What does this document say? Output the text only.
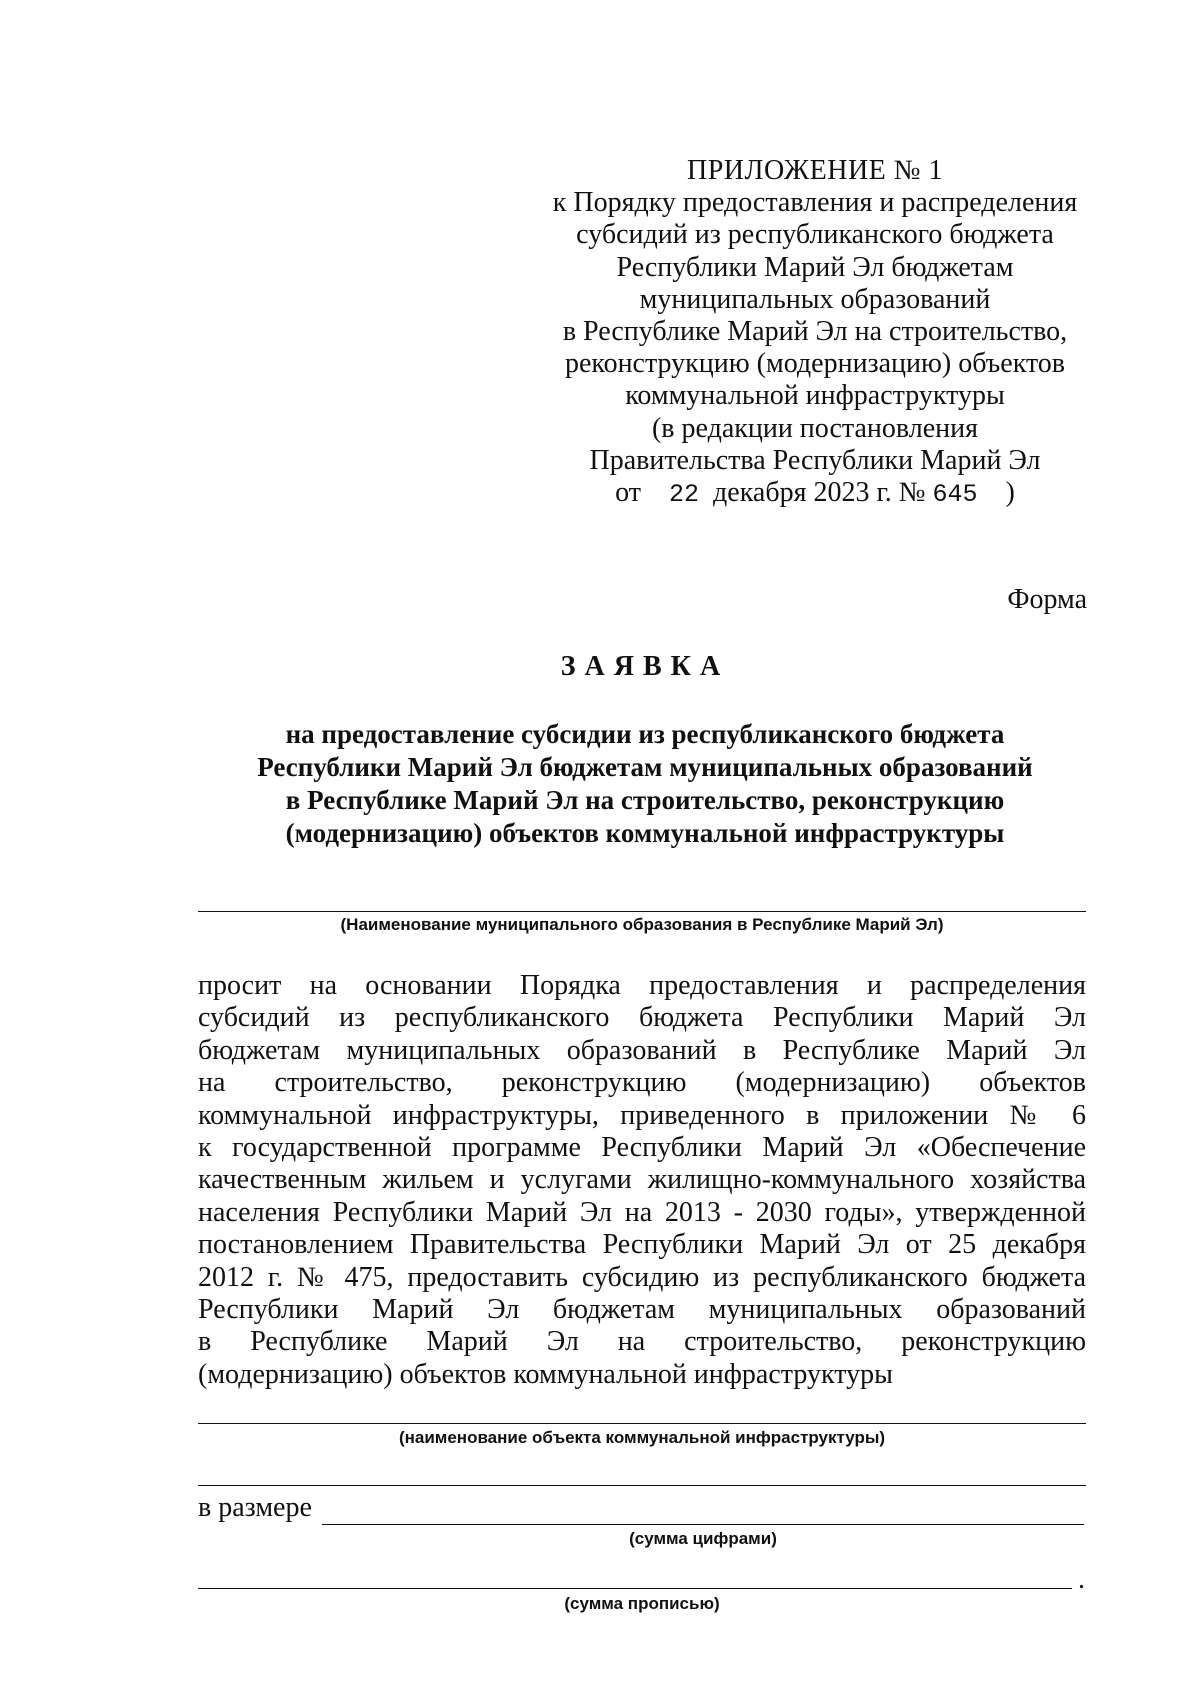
ПРИЛОЖЕНИЕ № 1
к Порядку предоставления и распределения
субсидий из республиканского бюджета
Республики Марий Эл бюджетам
муниципальных образований
в Республике Марий Эл на строительство,
реконструкцию (модернизацию) объектов
коммунальной инфраструктуры
(в редакции постановления
Правительства Республики Марий Эл
от 22 декабря 2023 г. № 645 )
Форма
ЗАЯВКА
на предоставление субсидии из республиканского бюджета
Республики Марий Эл бюджетам муниципальных образований
в Республике Марий Эл на строительство, реконструкцию
(модернизацию) объектов коммунальной инфраструктуры
(Наименование муниципального образования в Республике Марий Эл)
просит на основании Порядка предоставления и распределения
субсидий из республиканского бюджета Республики Марий Эл
бюджетам муниципальных образований в Республике Марий Эл
на строительство, реконструкцию (модернизацию) объектов
коммунальной инфраструктуры, приведенного в приложении № 6
к государственной программе Республики Марий Эл «Обеспечение
качественным жильем и услугами жилищно-коммунального хозяйства
населения Республики Марий Эл на 2013 - 2030 годы», утвержденной
постановлением Правительства Республики Марий Эл от 25 декабря
2012 г. № 475, предоставить субсидию из республиканского бюджета
Республики Марий Эл бюджетам муниципальных образований
в Республике Марий Эл на строительство, реконструкцию
(модернизацию) объектов коммунальной инфраструктуры
(наименование объекта коммунальной инфраструктуры)
в размере
(сумма цифрами)
.
(сумма прописью)
